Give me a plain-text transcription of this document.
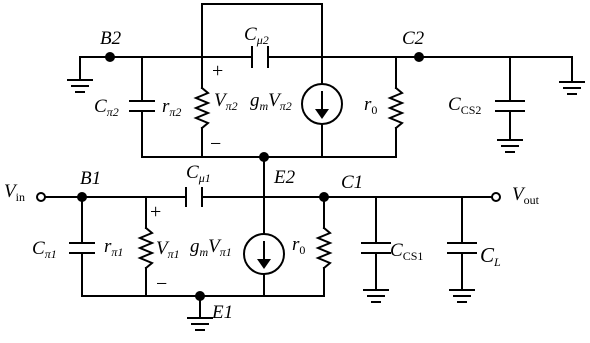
B2	C2
E2
B1	C1
E1
$V_{in}$	$V_{out}$
$C_{\mu 2}$
$C_{\pi 2}$ $r_{\pi 2}$
$V_{\pi 2}$ $g_mV_{\pi 2}$	$r_0$	$C_{CS2}$
+
−
$C_{\mu 1}$
$C_{\pi 1}$ $r_{\pi 1}$ $V_{\pi 1}$ $g_mV_{\pi 1}$	$r_0$	$C_{CS1}$	CL
+
−
